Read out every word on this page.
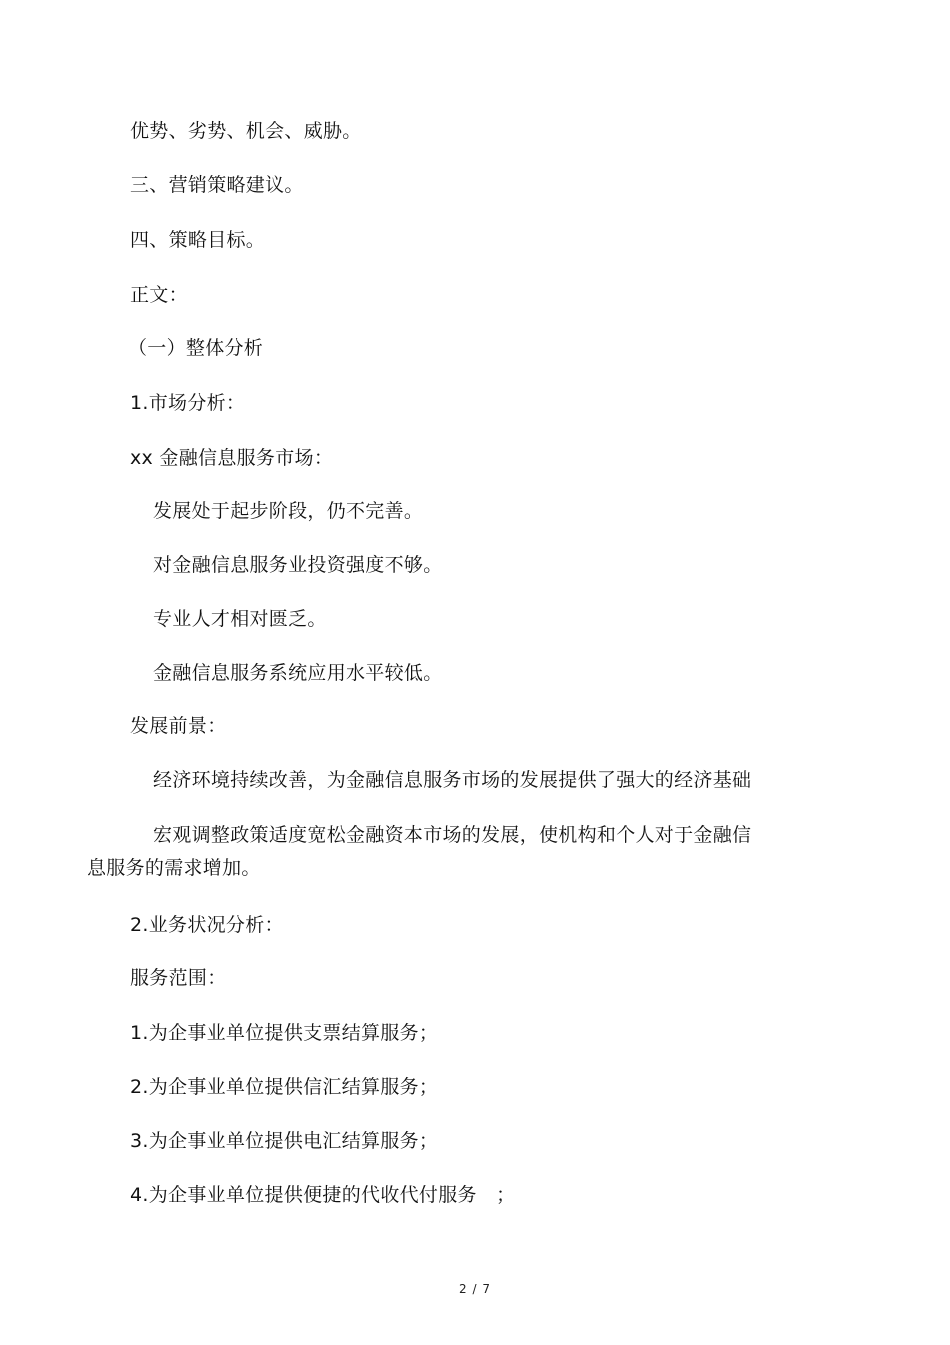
优势、劣势、机会、威胁。
三、营销策略建议。
四、策略目标。
正文：
（一）整体分析
1.市场分析：
xx 金融信息服务市场：
发展处于起步阶段，仍不完善。
对金融信息服务业投资强度不够。
专业人才相对匮乏。
金融信息服务系统应用水平较低。
发展前景：
经济环境持续改善，为金融信息服务市场的发展提供了强大的经济基础
宏观调整政策适度宽松金融资本市场的发展，使机构和个人对于金融信
息服务的需求增加。
2.业务状况分析：
服务范围：
1.为企事业单位提供支票结算服务；
2.为企事业单位提供信汇结算服务；
3.为企事业单位提供电汇结算服务；
4.为企事业单位提供便捷的代收代付服务　；
2 / 7
